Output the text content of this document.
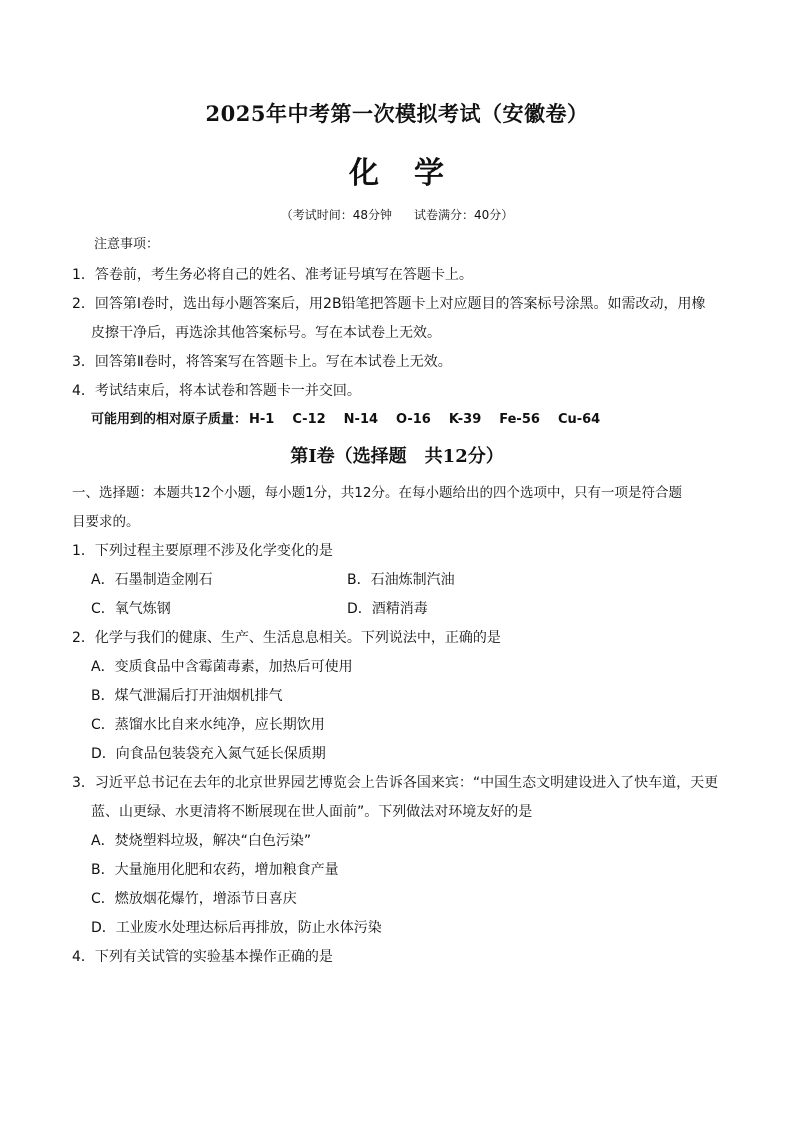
2025年中考第一次模拟考试（安徽卷）
化 学
（考试时间：48分钟 试卷满分：40分）
注意事项：
1．答卷前，考生务必将自己的姓名、准考证号填写在答题卡上。
2．回答第Ⅰ卷时，选出每小题答案后，用2B铅笔把答题卡上对应题目的答案标号涂黑。如需改动，用橡
皮擦干净后，再选涂其他答案标号。写在本试卷上无效。
3．回答第Ⅱ卷时，将答案写在答题卡上。写在本试卷上无效。
4．考试结束后，将本试卷和答题卡一并交回。
可能用到的相对原子质量： H-1 C-12 N-14 O-16 K-39 Fe-56 Cu-64
第Ⅰ卷（选择题　共12分）
一、选择题：本题共12个小题，每小题1分，共12分。在每小题给出的四个选项中，只有一项是符合题
目要求的。
1．下列过程主要原理不涉及化学变化的是
A．石墨制造金刚石	B．石油炼制汽油
C．氧气炼钢	D．酒精消毒
2．化学与我们的健康、生产、生活息息相关。下列说法中，正确的是
A．变质食品中含霉菌毒素，加热后可使用
B．煤气泄漏后打开油烟机排气
C．蒸馏水比自来水纯净，应长期饮用
D．向食品包装袋充入氮气延长保质期
3．习近平总书记在去年的北京世界园艺博览会上告诉各国来宾：“中国生态文明建设进入了快车道，天更
蓝、山更绿、水更清将不断展现在世人面前”。下列做法对环境友好的是
A．焚烧塑料垃圾，解决“白色污染”
B．大量施用化肥和农药，增加粮食产量
C．燃放烟花爆竹，增添节日喜庆
D．工业废水处理达标后再排放，防止水体污染
4．下列有关试管的实验基本操作正确的是
